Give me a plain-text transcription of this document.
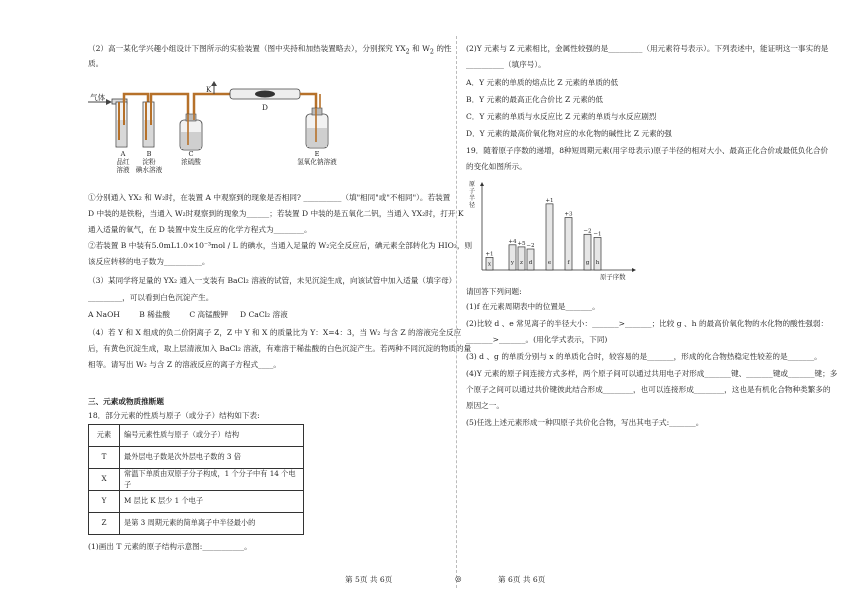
（2）高一某化学兴趣小组设计下图所示的实验装置（图中夹持和加热装置略去），分别探究 $YX_2$ 和 $W_2$ 的性
质。
气体
K
D
A
品红
溶液
B
淀粉
碘水溶液
C
浓硫酸
E
氢氧化钠溶液
①分别通入 YX₂ 和 W₂时，在装置 A 中观察到的现象是否相同? __________（填"相同"或"不相同"）。若装置
D 中装的是铁粉，当通入 W₂时观察到的现象为______；若装置 D 中装的是五氧化二钒，当通入 YX₂时，打开 K
通入适量的氧气，在 D 装置中发生反应的化学方程式为________。
②若装置 B 中装有5.0mL1.0×10⁻³mol / L 的碘水，当通入足量的 W₂完全反应后，碘元素全部转化为 HIO₃，则
该反应转移的电子数为__________。
（3）某同学将足量的 YX₂ 通入一支装有 BaCl₂ 溶液的试管，未见沉淀生成，向该试管中加入适量（填字母）
_________，可以看到白色沉淀产生。
A NaOH        B 稀盐酸        C 高锰酸钾     D CaCl₂ 溶液
（4）若 Y 和 X 组成的负二价阴离子 Z，Z 中 Y 和 X 的质量比为 Y：X=4：3，当 W₂ 与含 Z 的溶液完全反应
后，有黄色沉淀生成，取上层清液加入 BaCl₂ 溶液，有难溶于稀盐酸的白色沉淀产生。若两种不同沉淀的物质的量
相等。请写出 W₂ 与含 Z 的溶液反应的离子方程式____。
三、元素或物质推断题
18．部分元素的性质与原子（或分子）结构如下表:
元素	编号元素性质与原子（或分子）结构
T	最外层电子数是次外层电子数的 3 倍
X	常温下单质由双原子分子构成，1 个分子中有 14 个电子
Y	M 层比 K 层少 1 个电子
Z	是第 3 周期元素的简单离子中半径最小的
(1)画出 T 元素的原子结构示意图:___________。
(2)Y 元素与 Z 元素相比，金属性较强的是_________（用元素符号表示）。下列表述中，能证明这一事实的是
__________（填序号）。
A．Y 元素的单质的熔点比 Z 元素的单质的低
B．Y 元素的最高正化合价比 Z 元素的低
C．Y 元素的单质与水反应比 Z 元素的单质与水反应剧烈
D．Y 元素的最高价氧化物对应的水化物的碱性比 Z 元素的强
19．随着原子序数的递增，8种短周期元素(用字母表示)原子半径的相对大小、最高正化合价或最低负化合价
的变化如图所示。
原子半径
原子序数
x
+1
y
+4
z
+5
d
−2
e
+1
f
+3
g
−2
h
−1
请回答下列问题:
(1)f 在元素周期表中的位置是_______。
(2)比较 d 、e 常见离子的半径大小：_______>_______；比较 g 、h 的最高价氧化物的水化物的酸性强弱：
_______>_______。(用化学式表示，下同)
(3) d 、g 的单质分别与 x 的单质化合时，较容易的是_______，形成的化合物热稳定性较差的是_______。
(4)Y 元素的原子间连接方式多样，两个原子间可以通过共用电子对形成_______键、_______键或_______键；多
个原子之间可以通过共价键彼此结合形成________，也可以连接形成________，这也是有机化合物种类繁多的
原因之一。
(5)任选上述元素形成一种四原子共价化合物，写出其电子式:_______。
第 5页 共 6页	◎	第 6页 共 6页
